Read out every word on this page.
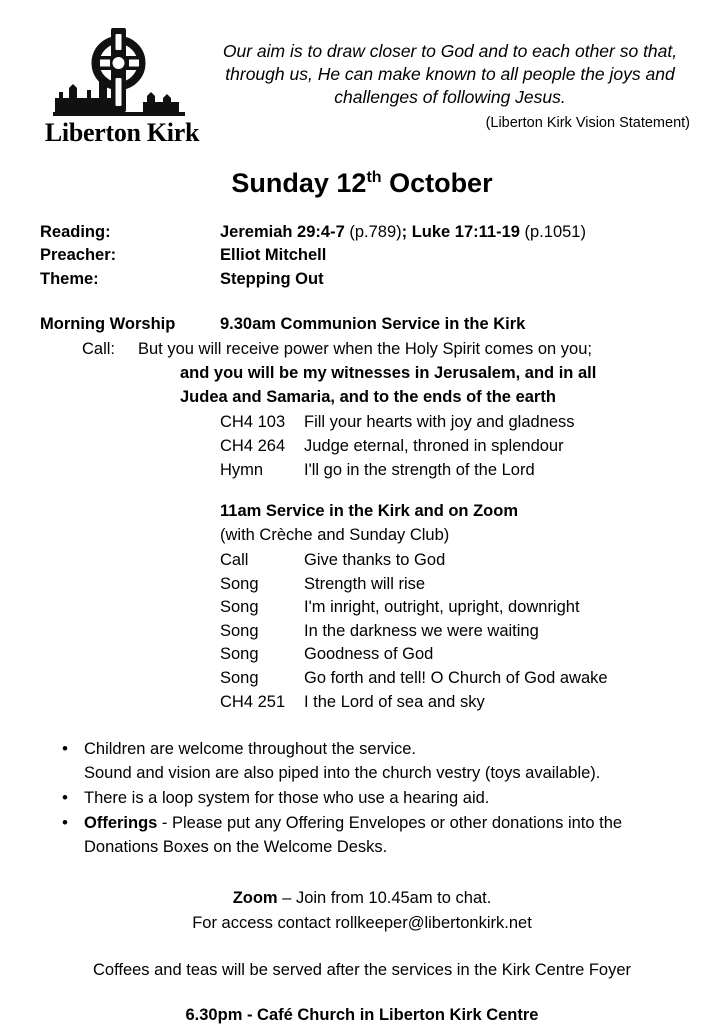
Liberton Kirk
Our aim is to draw closer to God and to each other so that, through us, He can make known to all people the joys and challenges of following Jesus.
(Liberton Kirk Vision Statement)
Sunday 12th October
Reading:	Jeremiah 29:4-7 (p.789); Luke 17:11-19 (p.1051)
Preacher:	Elliot Mitchell
Theme:	Stepping Out
Morning Worship	9.30am Communion Service in the Kirk
Call:	But you will receive power when the Holy Spirit comes on you;
and you will be my witnesses in Jerusalem, and in all
Judea and Samaria, and to the ends of the earth
CH4 103	Fill your hearts with joy and gladness
CH4 264	Judge eternal, throned in splendour
Hymn	I'll go in the strength of the Lord
11am Service in the Kirk and on Zoom
(with Crèche and Sunday Club)
Call	Give thanks to God
Song	Strength will rise
Song	I'm inright, outright, upright, downright
Song	In the darkness we were waiting
Song	Goodness of God
Song	Go forth and tell! O Church of God awake
CH4 251	I the Lord of sea and sky
• Children are welcome throughout the service.
Sound and vision are also piped into the church vestry (toys available).
• There is a loop system for those who use a hearing aid.
• Offerings - Please put any Offering Envelopes or other donations into the
Donations Boxes on the Welcome Desks.
Zoom – Join from 10.45am to chat.
For access contact rollkeeper@libertonkirk.net
Coffees and teas will be served after the services in the Kirk Centre Foyer
6.30pm - Café Church in Liberton Kirk Centre
